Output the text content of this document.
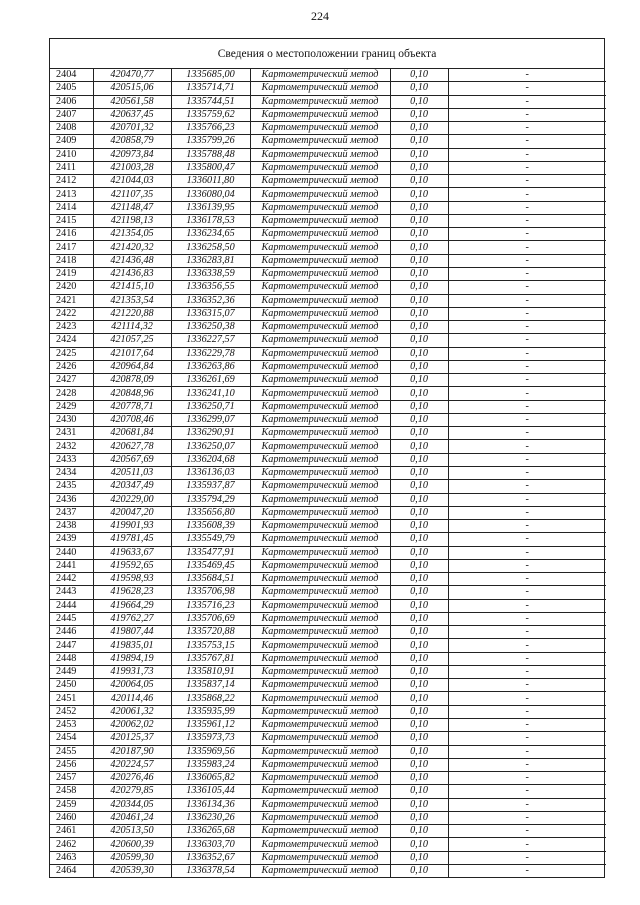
224
Сведения о местоположении границ объекта
2404	420470,77	1335685,00	Картометрический метод	0,10	-
2405	420515,06	1335714,71	Картометрический метод	0,10	-
2406	420561,58	1335744,51	Картометрический метод	0,10	-
2407	420637,45	1335759,62	Картометрический метод	0,10	-
2408	420701,32	1335766,23	Картометрический метод	0,10	-
2409	420858,79	1335799,26	Картометрический метод	0,10	-
2410	420973,84	1335788,48	Картометрический метод	0,10	-
2411	421003,28	1335800,47	Картометрический метод	0,10	-
2412	421044,03	1336011,80	Картометрический метод	0,10	-
2413	421107,35	1336080,04	Картометрический метод	0,10	-
2414	421148,47	1336139,95	Картометрический метод	0,10	-
2415	421198,13	1336178,53	Картометрический метод	0,10	-
2416	421354,05	1336234,65	Картометрический метод	0,10	-
2417	421420,32	1336258,50	Картометрический метод	0,10	-
2418	421436,48	1336283,81	Картометрический метод	0,10	-
2419	421436,83	1336338,59	Картометрический метод	0,10	-
2420	421415,10	1336356,55	Картометрический метод	0,10	-
2421	421353,54	1336352,36	Картометрический метод	0,10	-
2422	421220,88	1336315,07	Картометрический метод	0,10	-
2423	421114,32	1336250,38	Картометрический метод	0,10	-
2424	421057,25	1336227,57	Картометрический метод	0,10	-
2425	421017,64	1336229,78	Картометрический метод	0,10	-
2426	420964,84	1336263,86	Картометрический метод	0,10	-
2427	420878,09	1336261,69	Картометрический метод	0,10	-
2428	420848,96	1336241,10	Картометрический метод	0,10	-
2429	420778,71	1336250,71	Картометрический метод	0,10	-
2430	420708,46	1336299,07	Картометрический метод	0,10	-
2431	420681,84	1336290,91	Картометрический метод	0,10	-
2432	420627,78	1336250,07	Картометрический метод	0,10	-
2433	420567,69	1336204,68	Картометрический метод	0,10	-
2434	420511,03	1336136,03	Картометрический метод	0,10	-
2435	420347,49	1335937,87	Картометрический метод	0,10	-
2436	420229,00	1335794,29	Картометрический метод	0,10	-
2437	420047,20	1335656,80	Картометрический метод	0,10	-
2438	419901,93	1335608,39	Картометрический метод	0,10	-
2439	419781,45	1335549,79	Картометрический метод	0,10	-
2440	419633,67	1335477,91	Картометрический метод	0,10	-
2441	419592,65	1335469,45	Картометрический метод	0,10	-
2442	419598,93	1335684,51	Картометрический метод	0,10	-
2443	419628,23	1335706,98	Картометрический метод	0,10	-
2444	419664,29	1335716,23	Картометрический метод	0,10	-
2445	419762,27	1335706,69	Картометрический метод	0,10	-
2446	419807,44	1335720,88	Картометрический метод	0,10	-
2447	419835,01	1335753,15	Картометрический метод	0,10	-
2448	419894,19	1335767,81	Картометрический метод	0,10	-
2449	419931,73	1335810,91	Картометрический метод	0,10	-
2450	420064,05	1335837,14	Картометрический метод	0,10	-
2451	420114,46	1335868,22	Картометрический метод	0,10	-
2452	420061,32	1335935,99	Картометрический метод	0,10	-
2453	420062,02	1335961,12	Картометрический метод	0,10	-
2454	420125,37	1335973,73	Картометрический метод	0,10	-
2455	420187,90	1335969,56	Картометрический метод	0,10	-
2456	420224,57	1335983,24	Картометрический метод	0,10	-
2457	420276,46	1336065,82	Картометрический метод	0,10	-
2458	420279,85	1336105,44	Картометрический метод	0,10	-
2459	420344,05	1336134,36	Картометрический метод	0,10	-
2460	420461,24	1336230,26	Картометрический метод	0,10	-
2461	420513,50	1336265,68	Картометрический метод	0,10	-
2462	420600,39	1336303,70	Картометрический метод	0,10	-
2463	420599,30	1336352,67	Картометрический метод	0,10	-
2464	420539,30	1336378,54	Картометрический метод	0,10	-
